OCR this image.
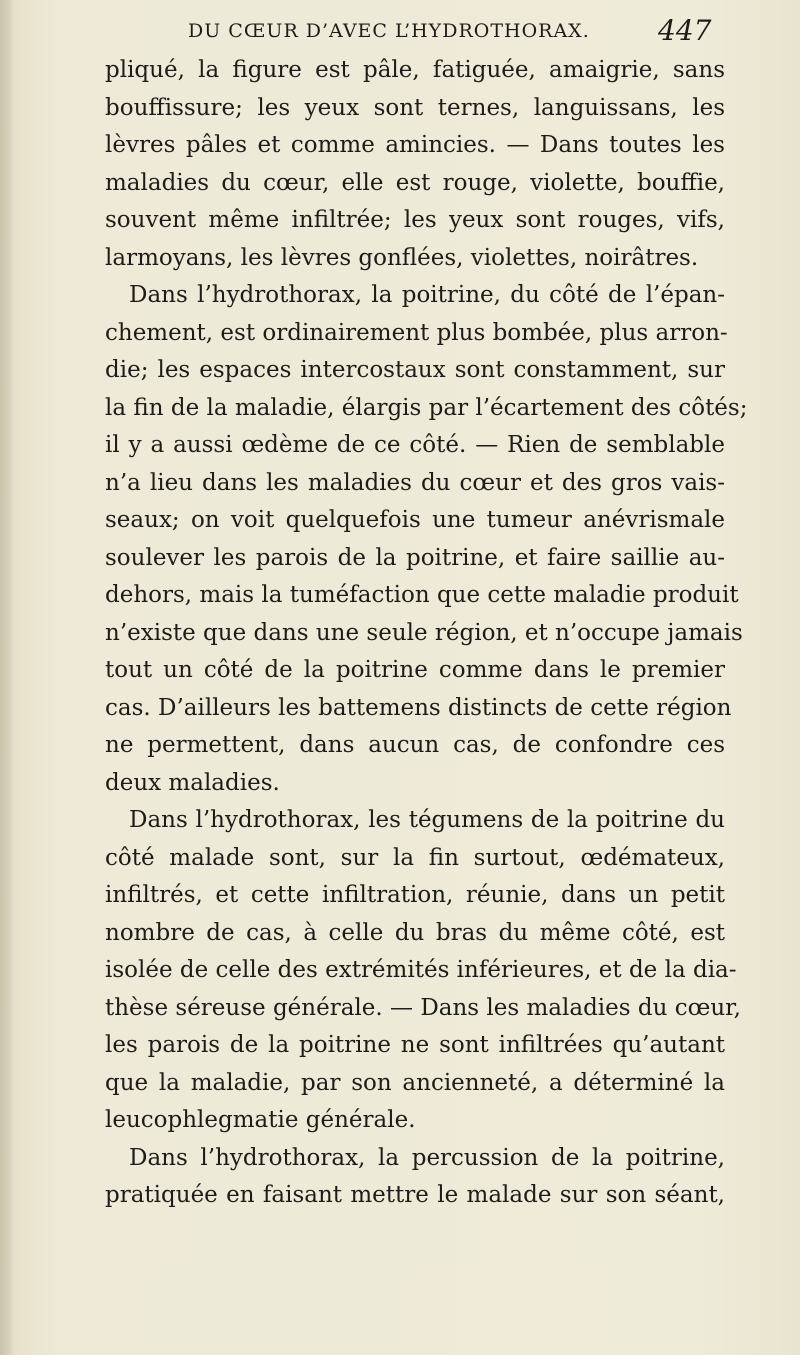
DU CŒUR D’AVEC L’HYDROTHORAX. 447
pliqué, la figure est pâle, fatiguée, amaigrie, sans
bouffissure; les yeux sont ternes, languissans, les
lèvres pâles et comme amincies. — Dans toutes les
maladies du cœur, elle est rouge, violette, bouffie,
souvent même infiltrée; les yeux sont rouges, vifs,
larmoyans, les lèvres gonflées, violettes, noirâtres.
Dans l’hydrothorax, la poitrine, du côté de l’épan-
chement, est ordinairement plus bombée, plus arron-
die; les espaces intercostaux sont constamment, sur
la fin de la maladie, élargis par l’écartement des côtés;
il y a aussi œdème de ce côté. — Rien de semblable
n’a lieu dans les maladies du cœur et des gros vais-
seaux; on voit quelquefois une tumeur anévrismale
soulever les parois de la poitrine, et faire saillie au-
dehors, mais la tuméfaction que cette maladie produit
n’existe que dans une seule région, et n’occupe jamais
tout un côté de la poitrine comme dans le premier
cas. D’ailleurs les battemens distincts de cette région
ne permettent, dans aucun cas, de confondre ces
deux maladies.
Dans l’hydrothorax, les tégumens de la poitrine du
côté malade sont, sur la fin surtout, œdémateux,
infiltrés, et cette infiltration, réunie, dans un petit
nombre de cas, à celle du bras du même côté, est
isolée de celle des extrémités inférieures, et de la dia-
thèse séreuse générale. — Dans les maladies du cœur,
les parois de la poitrine ne sont infiltrées qu’autant
que la maladie, par son ancienneté, a déterminé la
leucophlegmatie générale.
Dans l’hydrothorax, la percussion de la poitrine,
pratiquée en faisant mettre le malade sur son séant,
